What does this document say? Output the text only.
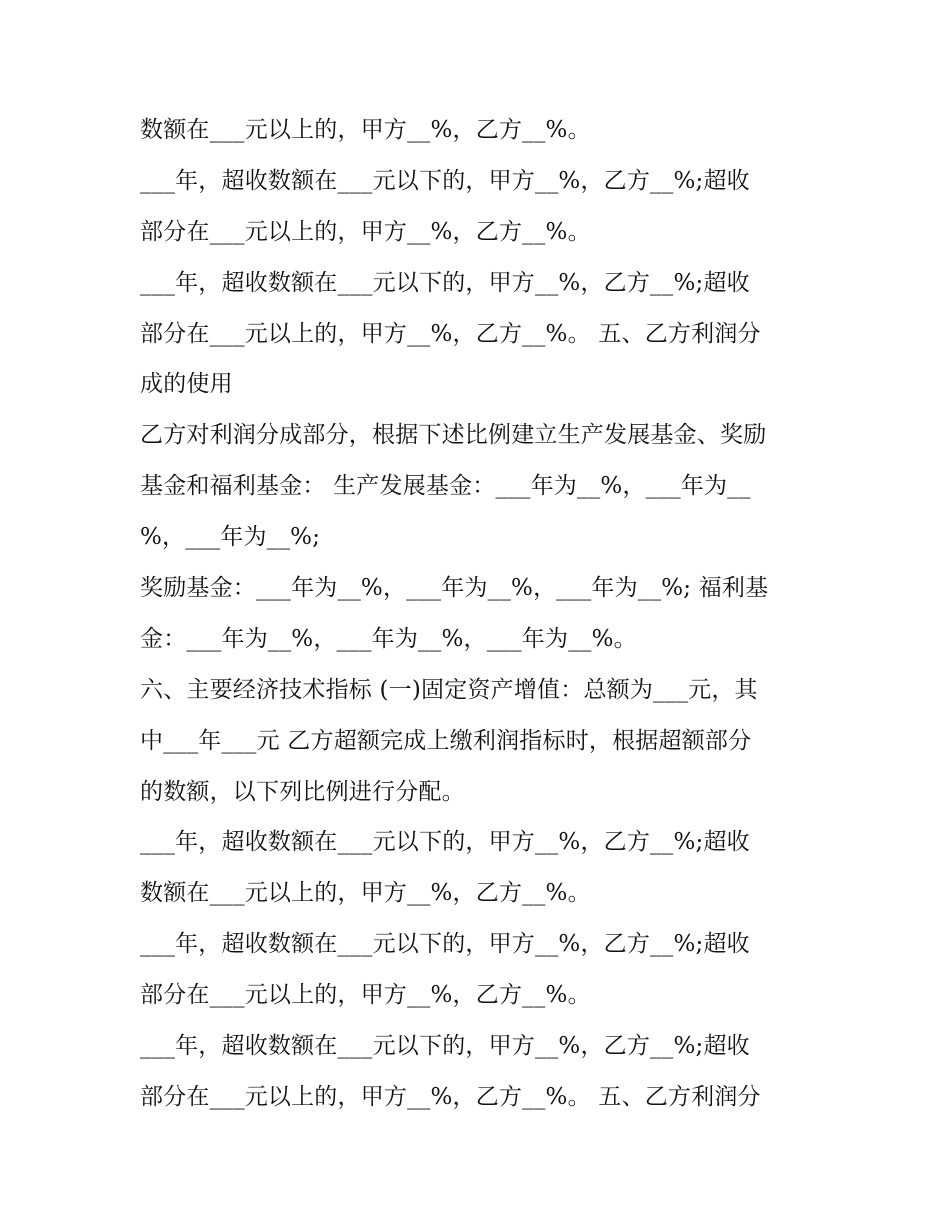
数额在___元以上的，甲方__%，乙方__%。
___年，超收数额在___元以下的，甲方__%，乙方__%;超收
部分在___元以上的，甲方__%，乙方__%。
___年，超收数额在___元以下的，甲方__%，乙方__%;超收
部分在___元以上的，甲方__%，乙方__%。 五、乙方利润分
成的使用
乙方对利润分成部分，根据下述比例建立生产发展基金、奖励
基金和福利基金： 生产发展基金：___年为__%，___年为__
%，___年为__%;
奖励基金：___年为__%，___年为__%，___年为__%; 福利基
金：___年为__%，___年为__%，___年为__%。
六、主要经济技术指标 (一)固定资产增值：总额为___元，其
中___年___元 乙方超额完成上缴利润指标时，根据超额部分
的数额，以下列比例进行分配。
___年，超收数额在___元以下的，甲方__%，乙方__%;超收
数额在___元以上的，甲方__%，乙方__%。
___年，超收数额在___元以下的，甲方__%，乙方__%;超收
部分在___元以上的，甲方__%，乙方__%。
___年，超收数额在___元以下的，甲方__%，乙方__%;超收
部分在___元以上的，甲方__%，乙方__%。 五、乙方利润分
